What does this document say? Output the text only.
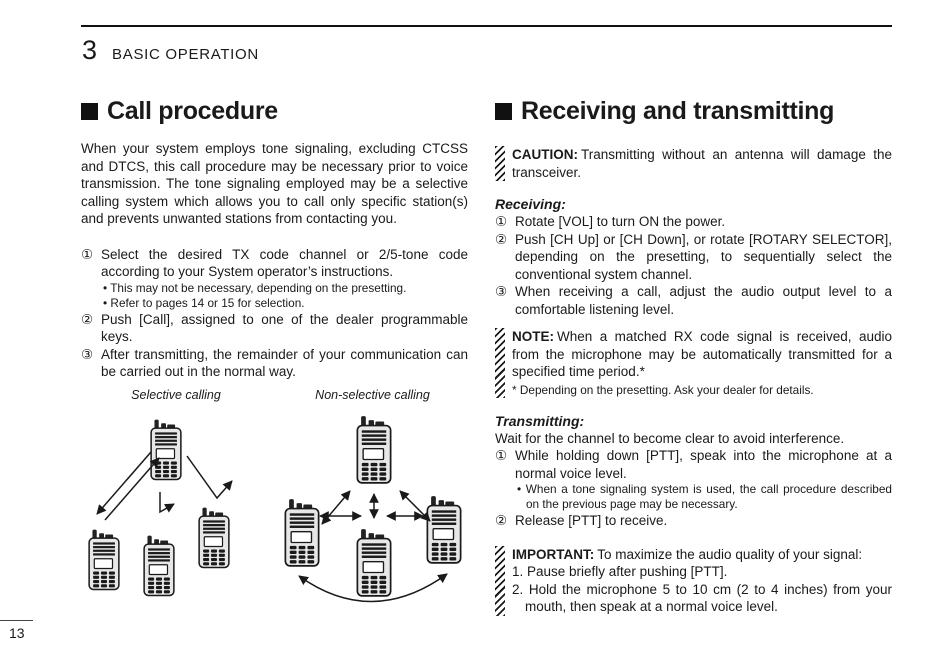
3 BASIC OPERATION
Call procedure

When your system employs tone signaling, excluding CTCSS and DTCS, this call procedure may be necessary prior to voice transmission. The tone signaling employed may be a selective calling system which allows you to call only specific station(s) and prevents unwanted stations from contacting you.

① Select the desired TX code channel or 2/5-tone code according to your System operator’s instructions.
• This may not be necessary, depending on the presetting.
• Refer to pages 14 or 15 for selection.
② Push [Call], assigned to one of the dealer programmable keys.
③ After transmitting, the remainder of your communication can be carried out in the normal way.
Selective calling	Non-selective calling
Receiving and transmitting
CAUTION: Transmitting without an antenna will damage the transceiver.
Receiving:
① Rotate [VOL] to turn ON the power.
② Push [CH Up] or [CH Down], or rotate [ROTARY SELECTOR], depending on the presetting, to sequentially select the conventional system channel.
③ When receiving a call, adjust the audio output level to a comfortable listening level.
NOTE: When a matched RX code signal is received, audio from the microphone may be automatically transmitted for a specified time period.*
* Depending on the presetting. Ask your dealer for details.
Transmitting:
Wait for the channel to become clear to avoid interference.
① While holding down [PTT], speak into the microphone at a normal voice level.
• When a tone signaling system is used, the call procedure described on the previous page may be necessary.
② Release [PTT] to receive.
IMPORTANT: To maximize the audio quality of your signal:
1. Pause briefly after pushing [PTT].
2. Hold the microphone 5 to 10 cm (2 to 4 inches) from your mouth, then speak at a normal voice level.
13
